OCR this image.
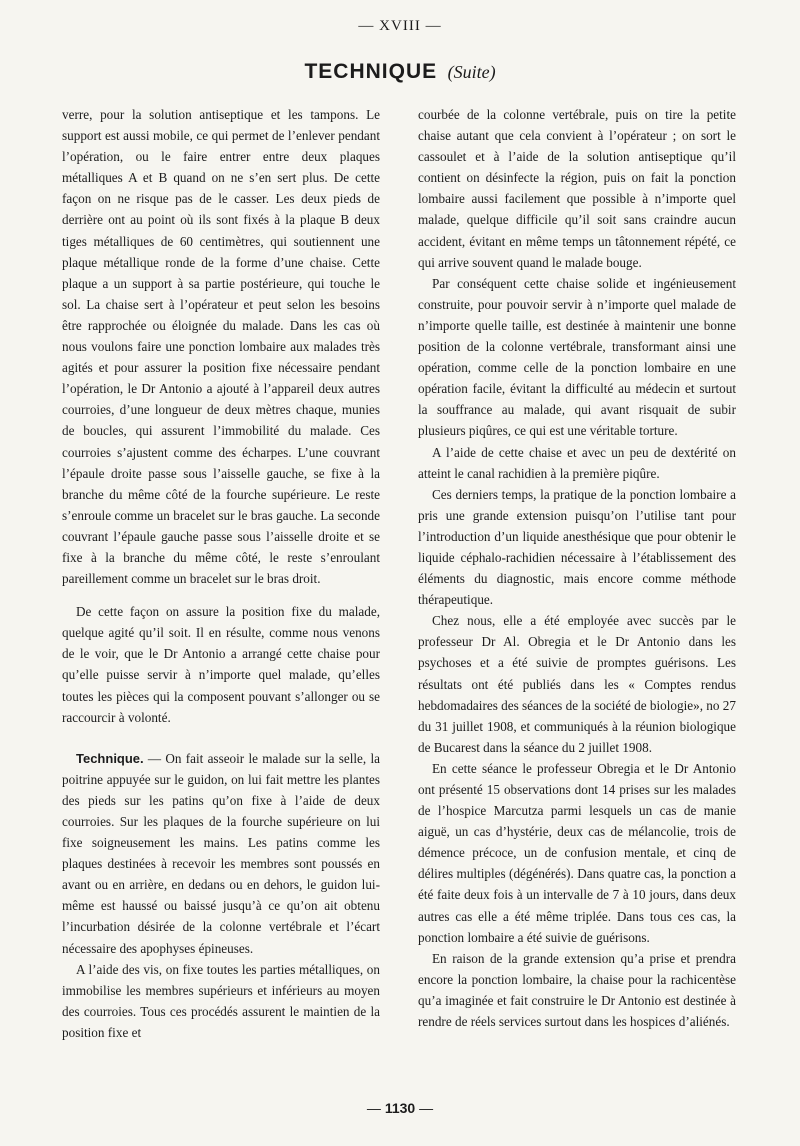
— XVIII —
TECHNIQUE (Suite)

verre, pour la solution antiseptique et les tampons. Le support est aussi mobile, ce qui permet de l’enlever pendant l’opération, ou le faire entrer entre deux plaques métalliques A et B quand on ne s’en sert plus. De cette façon on ne risque pas de le casser. Les deux pieds de derrière ont au point où ils sont fixés à la plaque B deux tiges métalliques de 60 centimètres, qui soutiennent une plaque métallique ronde de la forme d’une chaise. Cette plaque a un support à sa partie postérieure, qui touche le sol. La chaise sert à l’opérateur et peut selon les besoins être rapprochée ou éloignée du malade. Dans les cas où nous voulons faire une ponction lombaire aux malades très agités et pour assurer la position fixe nécessaire pendant l’opération, le Dr Antonio a ajouté à l’appareil deux autres courroies, d’une longueur de deux mètres chaque, munies de boucles, qui assurent l’immobilité du malade. Ces courroies s’ajustent comme des écharpes. L’une couvrant l’épaule droite passe sous l’aisselle gauche, se fixe à la branche du même côté de la fourche supérieure. Le reste s’enroule comme un bracelet sur le bras gauche. La seconde couvrant l’épaule gauche passe sous l’aisselle droite et se fixe à la branche du même côté, le reste s’enroulant pareillement comme un bracelet sur le bras droit.

De cette façon on assure la position fixe du malade, quelque agité qu’il soit. Il en résulte, comme nous venons de le voir, que le Dr Antonio a arrangé cette chaise pour qu’elle puisse servir à n’importe quel malade, qu’elles toutes les pièces qui la composent pouvant s’allonger ou se raccourcir à volonté.

Technique. — On fait asseoir le malade sur la selle, la poitrine appuyée sur le guidon, on lui fait mettre les plantes des pieds sur les patins qu’on fixe à l’aide de deux courroies. Sur les plaques de la fourche supérieure on lui fixe soigneusement les mains. Les patins comme les plaques destinées à recevoir les membres sont poussés en avant ou en arrière, en dedans ou en dehors, le guidon lui-même est haussé ou baissé jusqu’à ce qu’on ait obtenu l’incurbation désirée de la colonne vertébrale et l’écart nécessaire des apophyses épineuses.

A l’aide des vis, on fixe toutes les parties métalliques, on immobilise les membres supérieurs et inférieurs au moyen des courroies. Tous ces procédés assurent le maintien de la position fixe et

courbée de la colonne vertébrale, puis on tire la petite chaise autant que cela convient à l’opérateur ; on sort le cassoulet et à l’aide de la solution antiseptique qu’il contient on désinfecte la région, puis on fait la ponction lombaire aussi facilement que possible à n’importe quel malade, quelque difficile qu’il soit sans craindre aucun accident, évitant en même temps un tâtonnement répété, ce qui arrive souvent quand le malade bouge.

Par conséquent cette chaise solide et ingénieusement construite, pour pouvoir servir à n’importe quel malade de n’importe quelle taille, est destinée à maintenir une bonne position de la colonne vertébrale, transformant ainsi une opération, comme celle de la ponction lombaire en une opération facile, évitant la difficulté au médecin et surtout la souffrance au malade, qui avant risquait de subir plusieurs piqûres, ce qui est une véritable torture.

A l’aide de cette chaise et avec un peu de dextérité on atteint le canal rachidien à la première piqûre.

Ces derniers temps, la pratique de la ponction lombaire a pris une grande extension puisqu’on l’utilise tant pour l’introduction d’un liquide anesthésique que pour obtenir le liquide céphalo-rachidien nécessaire à l’établissement des éléments du diagnostic, mais encore comme méthode thérapeutique.

Chez nous, elle a été employée avec succès par le professeur Dr Al. Obregia et le Dr Antonio dans les psychoses et a été suivie de promptes guérisons. Les résultats ont été publiés dans les « Comptes rendus hebdomadaires des séances de la société de biologie», no 27 du 31 juillet 1908, et communiqués à la réunion biologique de Bucarest dans la séance du 2 juillet 1908.

En cette séance le professeur Obregia et le Dr Antonio ont présenté 15 observations dont 14 prises sur les malades de l’hospice Marcutza parmi lesquels un cas de manie aiguë, un cas d’hystérie, deux cas de mélancolie, trois de démence précoce, un de confusion mentale, et cinq de délires multiples (dégénérés). Dans quatre cas, la ponction a été faite deux fois à un intervalle de 7 à 10 jours, dans deux autres cas elle a été même triplée. Dans tous ces cas, la ponction lombaire a été suivie de guérisons.

En raison de la grande extension qu’a prise et prendra encore la ponction lombaire, la chaise pour la rachicentèse qu’a imaginée et fait construire le Dr Antonio est destinée à rendre de réels services surtout dans les hospices d’aliénés.

— 1130 —
